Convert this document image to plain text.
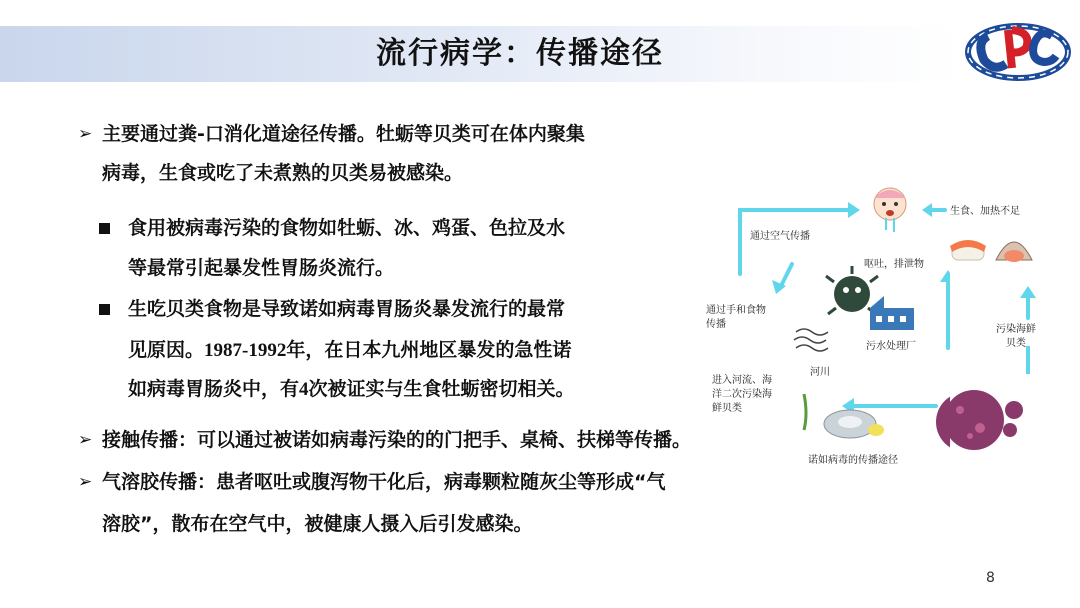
流行病学：传播途径
➢ 主要通过粪-口消化道途径传播。牡蛎等贝类可在体内聚集
病毒，生食或吃了未煮熟的贝类易被感染。
食用被病毒污染的食物如牡蛎、冰、鸡蛋、色拉及水
等最常引起暴发性胃肠炎流行。
生吃贝类食物是导致诺如病毒胃肠炎暴发流行的最常
见原因。1987-1992年，在日本九州地区暴发的急性诺
如病毒胃肠炎中，有4次被证实与生食牡蛎密切相关。
➢ 接触传播：可以通过被诺如病毒污染的的门把手、桌椅、扶梯等传播。
➢ 气溶胶传播：患者呕吐或腹泻物干化后，病毒颗粒随灰尘等形成“气
溶胶”，散布在空气中，被健康人摄入后引发感染。
通过空气传播
呕吐，排泄物
通过手和食物
传播
污水处理厂
河川
进入河流、海
洋二次污染海
鲜贝类
诺如病毒的传播途径
生食、加热不足
污染海鲜
贝类
8
